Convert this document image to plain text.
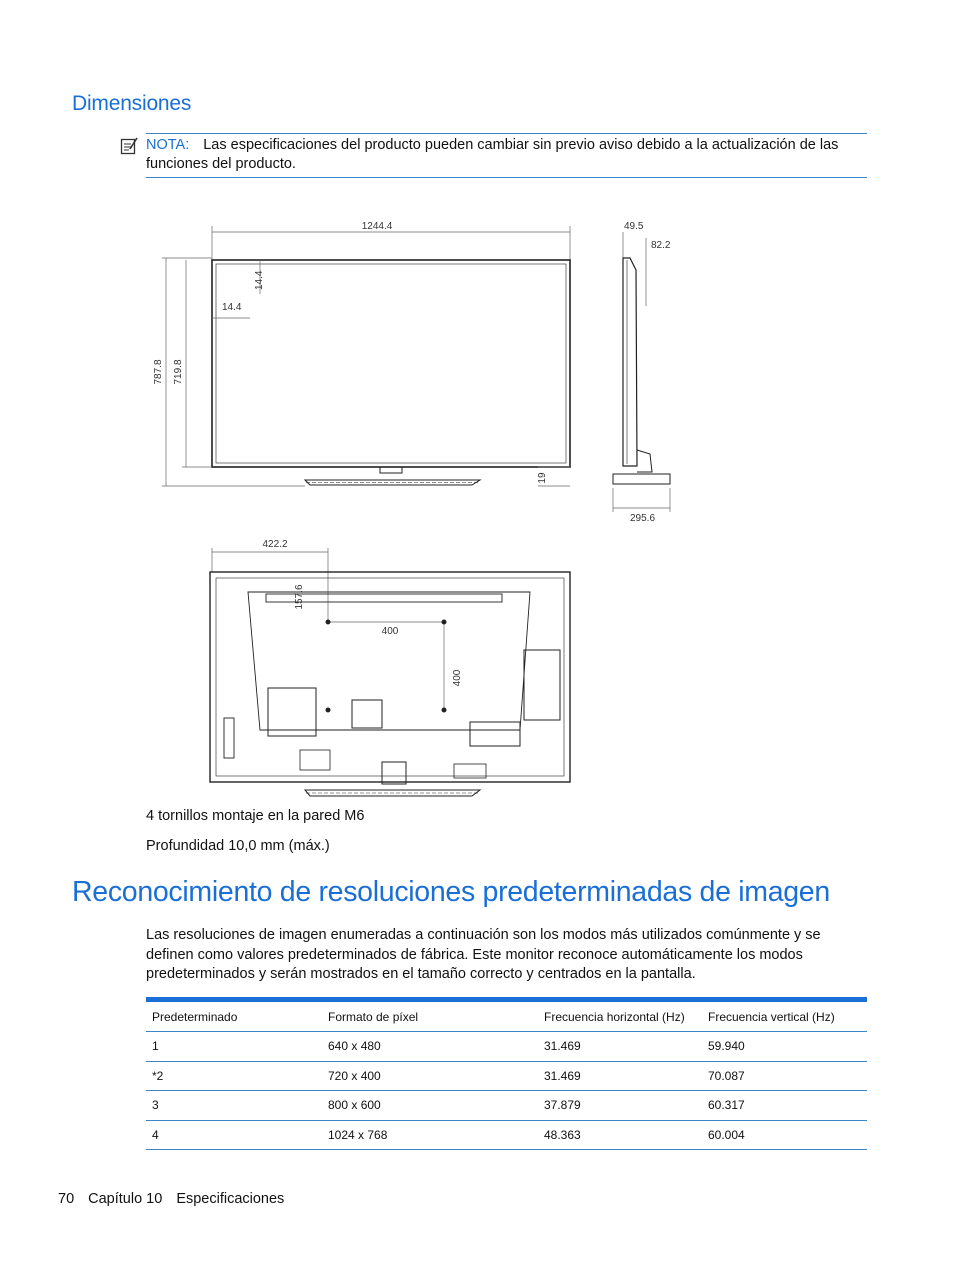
Dimensiones
NOTA: Las especificaciones del producto pueden cambiar sin previo aviso debido a la actualización de las funciones del producto.
1244.4
14.4
14.4
787.8 719.8
19
49.5
82.2
295.6
422.2
157.6
400
400
4 tornillos montaje en la pared M6
Profundidad 10,0 mm (máx.)
Reconocimiento de resoluciones predeterminadas de imagen
Las resoluciones de imagen enumeradas a continuación son los modos más utilizados comúnmente y se definen como valores predeterminados de fábrica. Este monitor reconoce automáticamente los modos predeterminados y serán mostrados en el tamaño correcto y centrados en la pantalla.
Predeterminado	Formato de píxel	Frecuencia horizontal (Hz)	Frecuencia vertical (Hz)
1	640 x 480	31.469	59.940
*2	720 x 400	31.469	70.087
3	800 x 600	37.879	60.317
4	1024 x 768	48.363	60.004
70 Capítulo 10 Especificaciones
